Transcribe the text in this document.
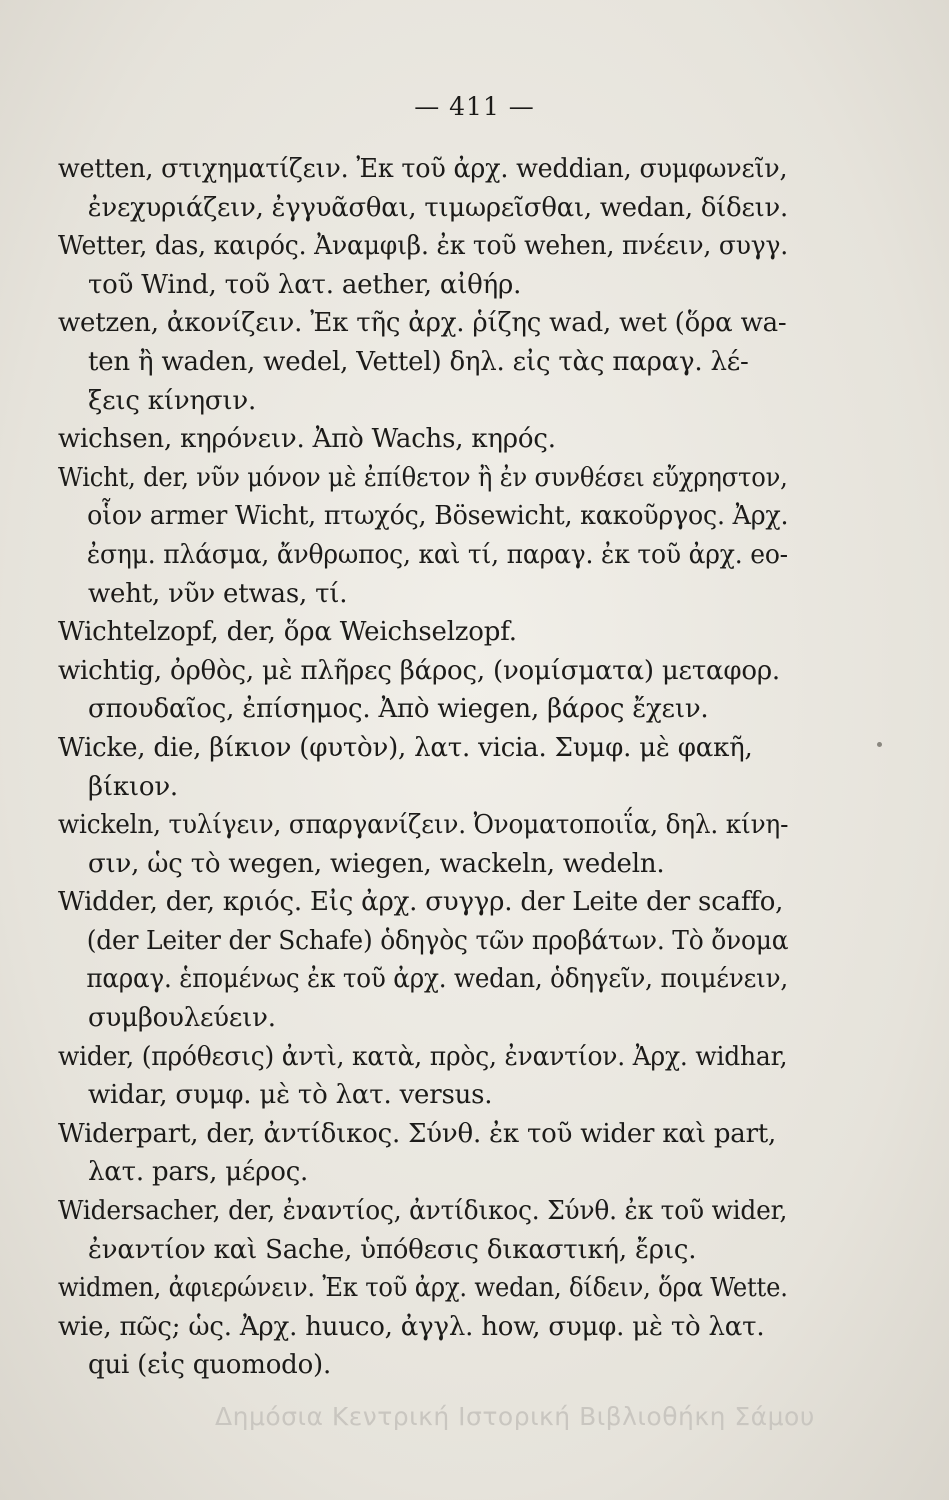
— 411 —
wetten, στιχηματίζειν. Ἐκ τοῦ ἀρχ. weddian, συμφωνεῖν,
ἐνεχυριάζειν, ἐγγυᾶσθαι, τιμωρεῖσθαι, wedan, δίδειν.
Wetter, das, καιρός. Ἀναμφιβ. ἐκ τοῦ wehen, πνέειν, συγγ.
τοῦ Wind, τοῦ λατ. aether, αἰθήρ.
wetzen, ἀκονίζειν. Ἐκ τῆς ἀρχ. ῥίζης wad, wet (ὅρα wa-
ten ἢ waden, wedel, Vettel) δηλ. εἰς τὰς παραγ. λέ-
ξεις κίνησιν.
wichsen, κηρόνειν. Ἀπὸ Wachs, κηρός.
Wicht, der, νῦν μόνον μὲ ἐπίθετον ἢ ἐν συνθέσει εὔχρηστον,
οἷον armer Wicht, πτωχός, Bösewicht, κακοῦργος. Ἀρχ.
ἐσημ. πλάσμα, ἄνθρωπος, καὶ τί, παραγ. ἐκ τοῦ ἀρχ. eo-
weht, νῦν etwas, τί.
Wichtelzopf, der, ὅρα Weichselzopf.
wichtig, ὀρθὸς, μὲ πλῆρες βάρος, (νομίσματα) μεταφορ.
σπουδαῖος, ἐπίσημος. Ἀπὸ wiegen, βάρος ἔχειν.
Wicke, die, βίκιον (φυτὸν), λατ. vicia. Συμφ. μὲ φακῆ,
βίκιον.
wickeln, τυλίγειν, σπαργανίζειν. Ὀνοματοποιΐα, δηλ. κίνη-
σιν, ὡς τὸ wegen, wiegen, wackeln, wedeln.
Widder, der, κριός. Εἰς ἀρχ. συγγρ. der Leite der scaffo,
(der Leiter der Schafe) ὁδηγὸς τῶν προβάτων. Τὸ ὄνομα
παραγ. ἑπομένως ἐκ τοῦ ἀρχ. wedan, ὁδηγεῖν, ποιμένειν,
συμβουλεύειν.
wider, (πρόθεσις) ἀντὶ, κατὰ, πρὸς, ἐναντίον. Ἀρχ. widhar,
widar, συμφ. μὲ τὸ λατ. versus.
Widerpart, der, ἀντίδικος. Σύνθ. ἐκ τοῦ wider καὶ part,
λατ. pars, μέρος.
Widersacher, der, ἐναντίος, ἀντίδικος. Σύνθ. ἐκ τοῦ wider,
ἐναντίον καὶ Sache, ὑπόθεσις δικαστική, ἔρις.
widmen, ἀφιερώνειν. Ἐκ τοῦ ἀρχ. wedan, δίδειν, ὅρα Wette.
wie, πῶς; ὡς. Ἀρχ. huuco, ἀγγλ. how, συμφ. μὲ τὸ λατ.
qui (εἰς quomodo).
Δημόσια Κεντρική Ιστορική Βιβλιοθήκη Σάμου
